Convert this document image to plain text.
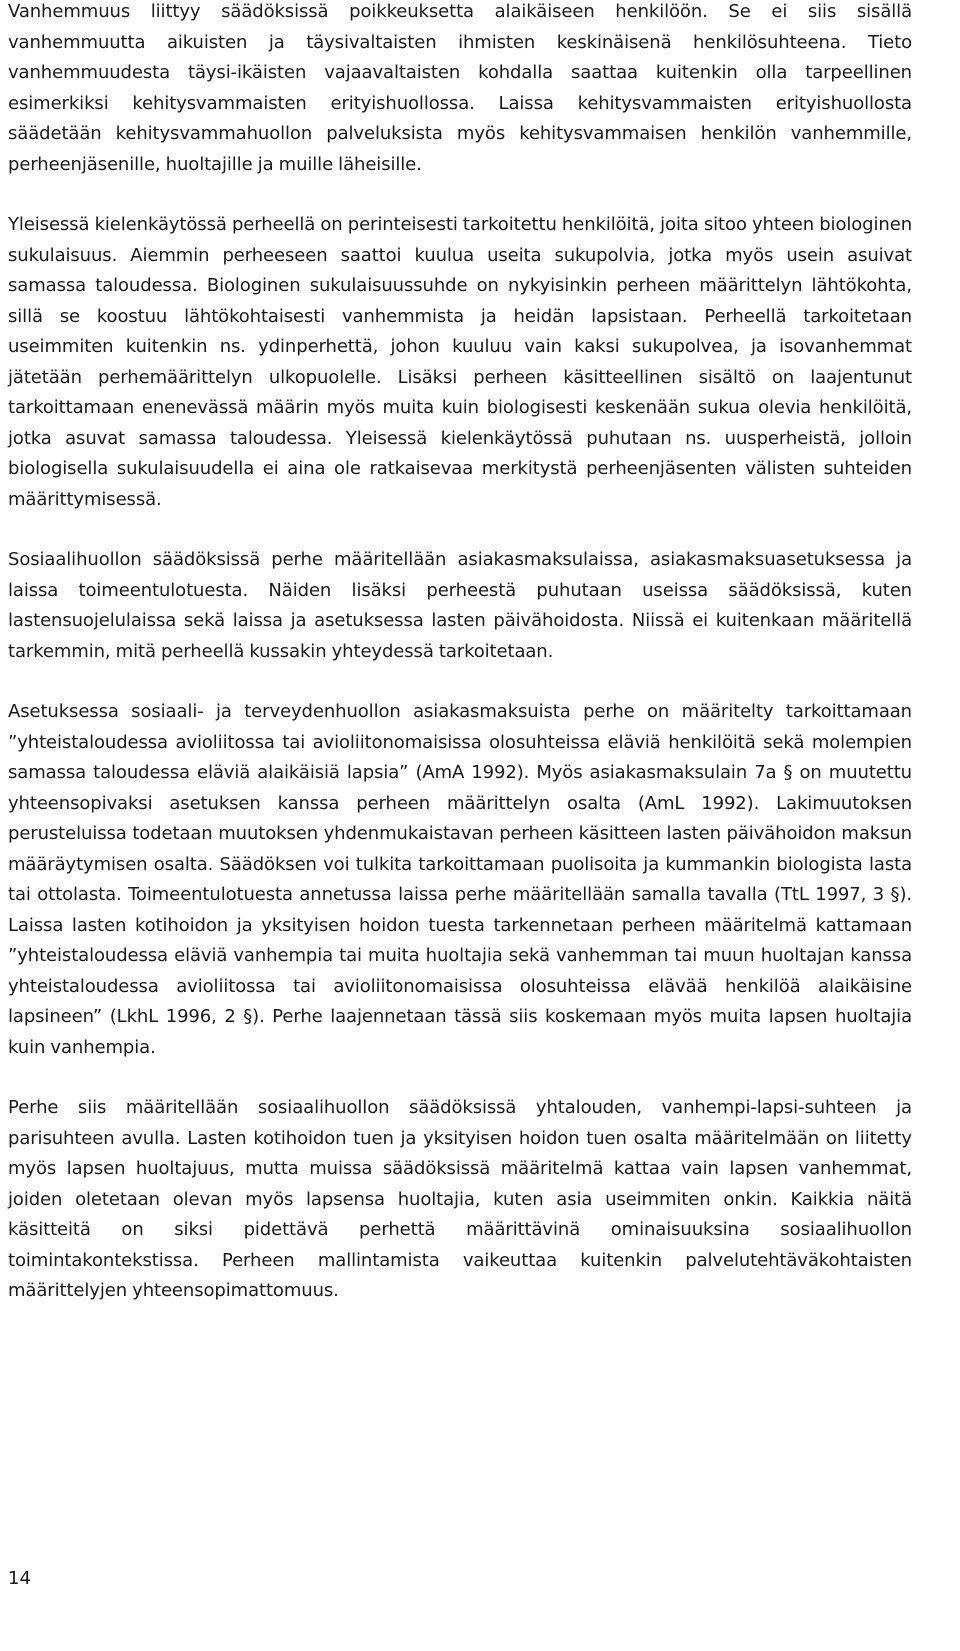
Vanhemmuus liittyy säädöksissä poikkeuksetta alaikäiseen henkilöön. Se ei siis sisällä vanhemmuutta aikuisten ja täysivaltaisten ihmisten keskinäisenä henkilösuhteena. Tieto vanhemmuudesta täysi-ikäisten vajaavaltaisten kohdalla saattaa kuitenkin olla tarpeellinen esimerkiksi kehitysvammaisten erityishuollossa. Laissa kehitysvammaisten erityishuollosta säädetään kehitysvammahuollon palveluksista myös kehitysvammaisen henkilön vanhemmille, perheenjäsenille, huoltajille ja muille läheisille.

Yleisessä kielenkäytössä perheellä on perinteisesti tarkoitettu henkilöitä, joita sitoo yhteen biologinen sukulaisuus. Aiemmin perheeseen saattoi kuulua useita sukupolvia, jotka myös usein asuivat samassa taloudessa. Biologinen sukulaisuussuhde on nykyisinkin perheen määrittelyn lähtökohta, sillä se koostuu lähtökohtaisesti vanhemmista ja heidän lapsistaan. Perheellä tarkoitetaan useimmiten kuitenkin ns. ydinperhettä, johon kuuluu vain kaksi sukupolvea, ja isovanhemmat jätetään perhemäärittelyn ulkopuolelle. Lisäksi perheen käsitteellinen sisältö on laajentunut tarkoittamaan enenevässä määrin myös muita kuin biologisesti keskenään sukua olevia henkilöitä, jotka asuvat samassa taloudessa. Yleisessä kielenkäytössä puhutaan ns. uusperheistä, jolloin biologisella sukulaisuudella ei aina ole ratkaisevaa merkitystä perheenjäsenten välisten suhteiden määrittymisessä.

Sosiaalihuollon säädöksissä perhe määritellään asiakasmaksulaissa, asiakasmaksuasetuksessa ja laissa toimeentulotuesta. Näiden lisäksi perheestä puhutaan useissa säädöksissä, kuten lastensuojelulaissa sekä laissa ja asetuksessa lasten päivähoidosta. Niissä ei kuitenkaan määritellä tarkemmin, mitä perheellä kussakin yhteydessä tarkoitetaan.

Asetuksessa sosiaali- ja terveydenhuollon asiakasmaksuista perhe on määritelty tarkoittamaan ”yhteistaloudessa avioliitossa tai avioliitonomaisissa olosuhteissa eläviä henkilöitä sekä molempien samassa taloudessa eläviä alaikäisiä lapsia” (AmA 1992). Myös asiakasmaksulain 7a § on muutettu yhteensopivaksi asetuksen kanssa perheen määrittelyn osalta (AmL 1992). Lakimuutoksen perusteluissa todetaan muutoksen yhdenmukaistavan perheen käsitteen lasten päivähoidon maksun määräytymisen osalta. Säädöksen voi tulkita tarkoittamaan puolisoita ja kummankin biologista lasta tai ottolasta. Toimeentulotuesta annetussa laissa perhe määritellään samalla tavalla (TtL 1997, 3 §). Laissa lasten kotihoidon ja yksityisen hoidon tuesta tarkennetaan perheen määritelmä kattamaan ”yhteistaloudessa eläviä vanhempia tai muita huoltajia sekä vanhemman tai muun huoltajan kanssa yhteistaloudessa avioliitossa tai avioliitonomaisissa olosuhteissa elävää henkilöä alaikäisine lapsineen” (LkhL 1996, 2 §). Perhe laajennetaan tässä siis koskemaan myös muita lapsen huoltajia kuin vanhempia.

Perhe siis määritellään sosiaalihuollon säädöksissä yhtalouden, vanhempi-lapsi-suhteen ja parisuhteen avulla. Lasten kotihoidon tuen ja yksityisen hoidon tuen osalta määritelmään on liitetty myös lapsen huoltajuus, mutta muissa säädöksissä määritelmä kattaa vain lapsen vanhemmat, joiden oletetaan olevan myös lapsensa huoltajia, kuten asia useimmiten onkin. Kaikkia näitä käsitteitä on siksi pidettävä perhettä määrittävinä ominaisuuksina sosiaalihuollon toimintakontekstissa. Perheen mallintamista vaikeuttaa kuitenkin palvelutehtäväkohtaisten määrittelyjen yhteensopimattomuus.

14
